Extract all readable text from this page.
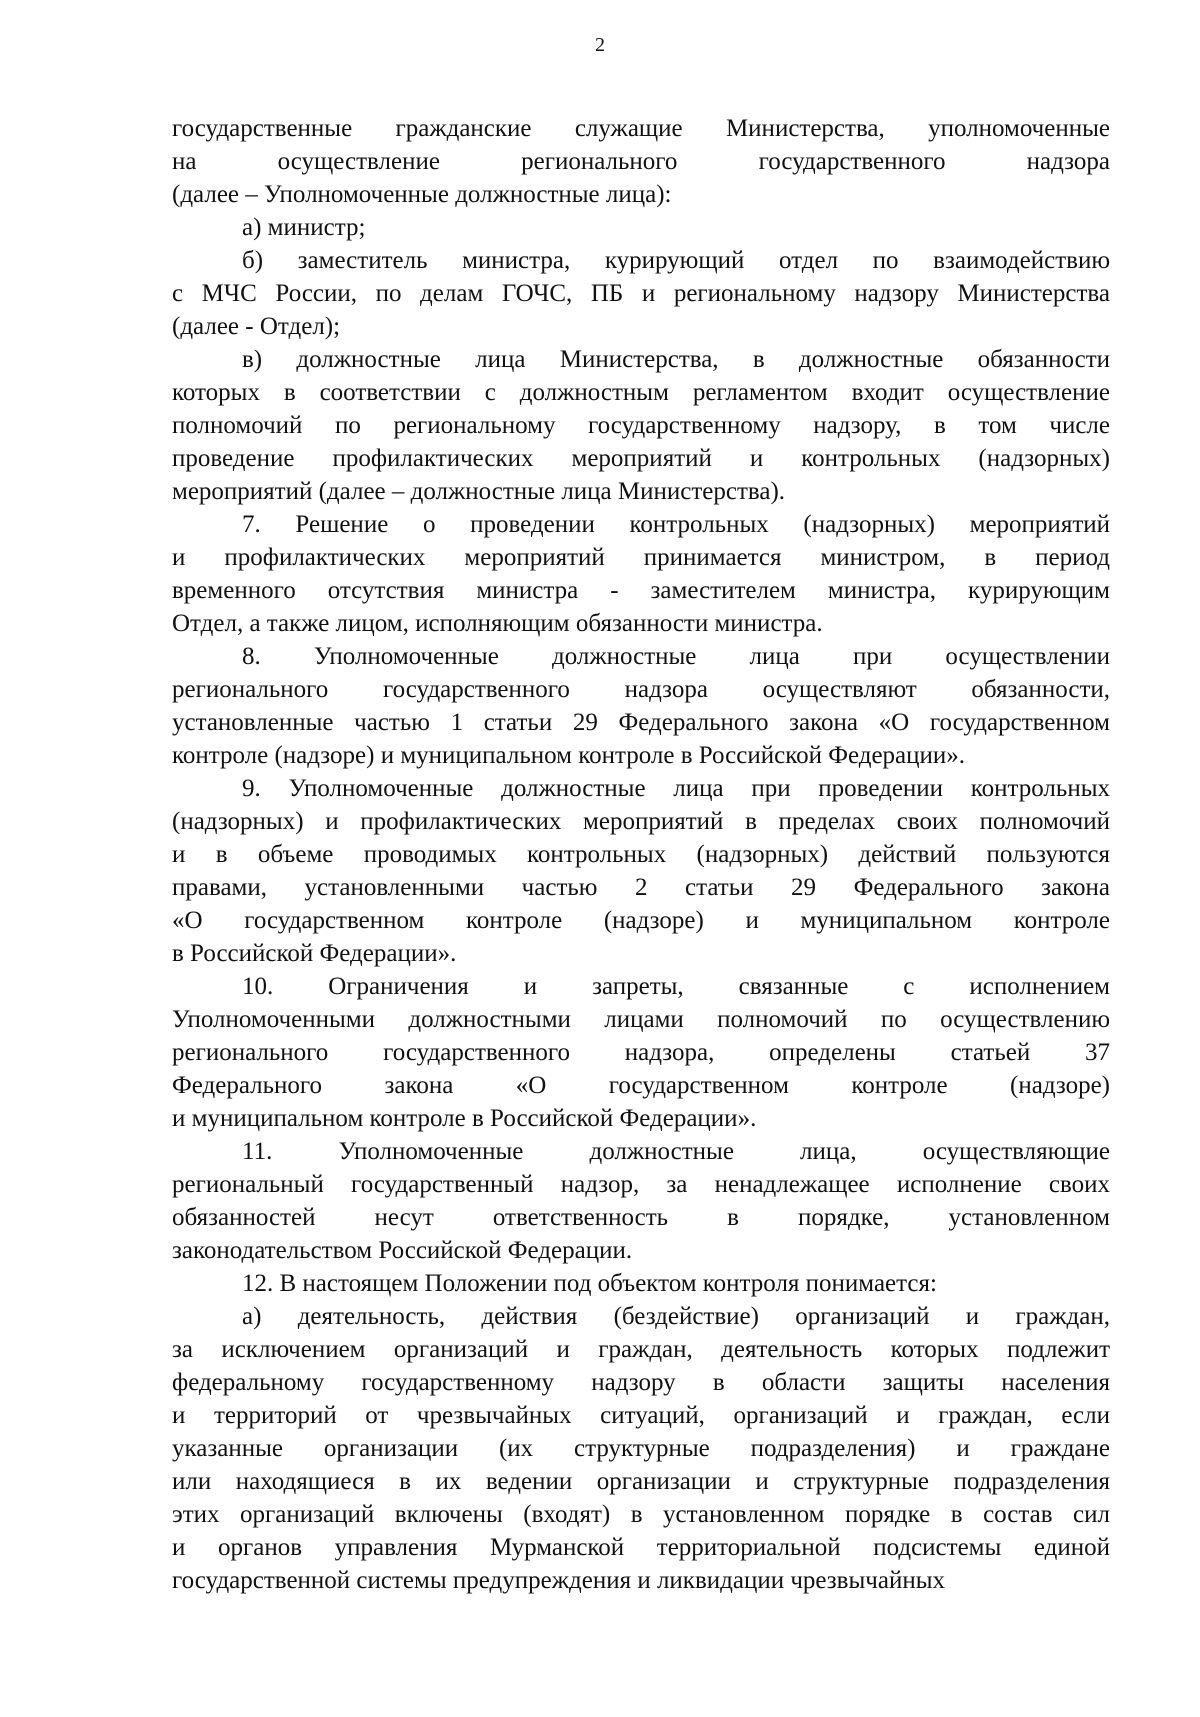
2
государственные гражданские служащие Министерства, уполномоченные
на осуществление регионального государственного надзора
(далее – Уполномоченные должностные лица):
а) министр;
б) заместитель министра, курирующий отдел по взаимодействию
с МЧС России, по делам ГОЧС, ПБ и региональному надзору Министерства
(далее - Отдел);
в) должностные лица Министерства, в должностные обязанности
которых в соответствии с должностным регламентом входит осуществление
полномочий по региональному государственному надзору, в том числе
проведение профилактических мероприятий и контрольных (надзорных)
мероприятий (далее – должностные лица Министерства).
7. Решение о проведении контрольных (надзорных) мероприятий
и профилактических мероприятий принимается министром, в период
временного отсутствия министра - заместителем министра, курирующим
Отдел, а также лицом, исполняющим обязанности министра.
8. Уполномоченные должностные лица при осуществлении
регионального государственного надзора осуществляют обязанности,
установленные частью 1 статьи 29 Федерального закона «О государственном
контроле (надзоре) и муниципальном контроле в Российской Федерации».
9. Уполномоченные должностные лица при проведении контрольных
(надзорных) и профилактических мероприятий в пределах своих полномочий
и в объеме проводимых контрольных (надзорных) действий пользуются
правами, установленными частью 2 статьи 29 Федерального закона
«О государственном контроле (надзоре) и муниципальном контроле
в Российской Федерации».
10. Ограничения и запреты, связанные с исполнением
Уполномоченными должностными лицами полномочий по осуществлению
регионального государственного надзора, определены статьей 37
Федерального закона «О государственном контроле (надзоре)
и муниципальном контроле в Российской Федерации».
11. Уполномоченные должностные лица, осуществляющие
региональный государственный надзор, за ненадлежащее исполнение своих
обязанностей несут ответственность в порядке, установленном
законодательством Российской Федерации.
12. В настоящем Положении под объектом контроля понимается:
а) деятельность, действия (бездействие) организаций и граждан,
за исключением организаций и граждан, деятельность которых подлежит
федеральному государственному надзору в области защиты населения
и территорий от чрезвычайных ситуаций, организаций и граждан, если
указанные организации (их структурные подразделения) и граждане
или находящиеся в их ведении организации и структурные подразделения
этих организаций включены (входят) в установленном порядке в состав сил
и органов управления Мурманской территориальной подсистемы единой
государственной системы предупреждения и ликвидации чрезвычайных
